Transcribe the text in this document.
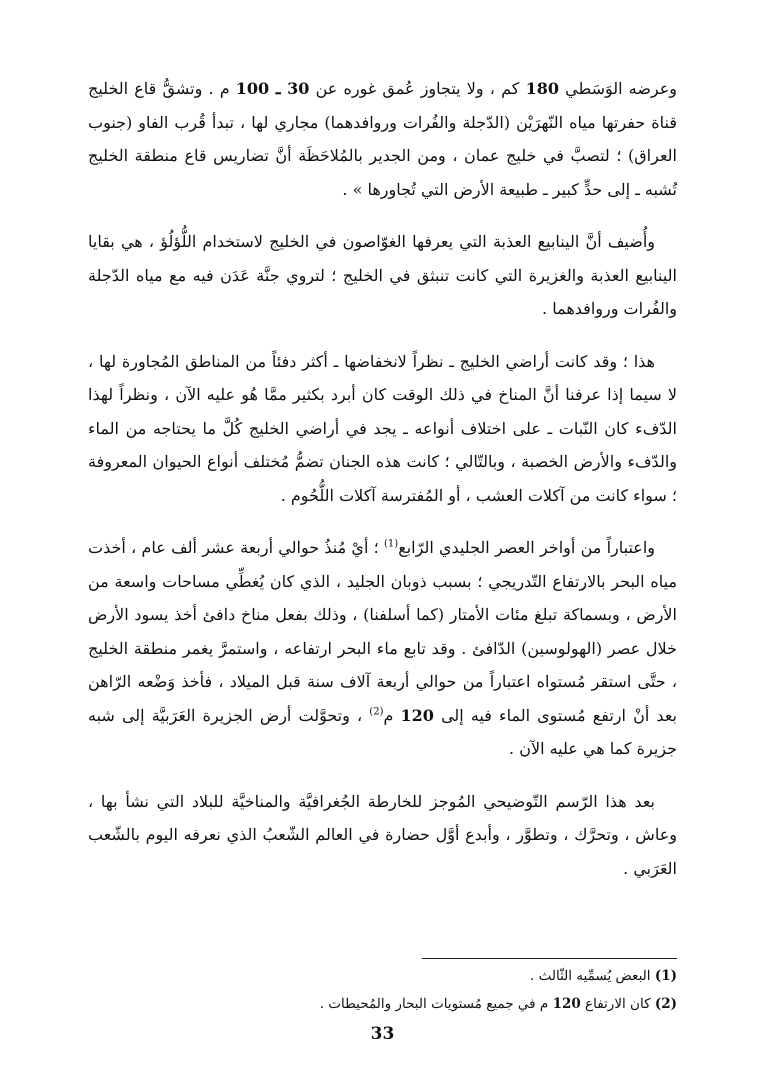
وعرضه الوَسَطي 180 كم ، ولا يتجاوز عُمق غوره عن 30 ـ 100 م . وتشقُّ قاع الخليج قناة حفرتها مياه النّهرَيْن (الدّجلة والفُرات وروافدهما) مجاري لها ، تبدأ قُرب الفاو (جنوب العراق) ؛ لتصبَّ في خليج عمان ، ومن الجدير بالمُلاحَظَة أنَّ تضاريس قاع منطقة الخليج تُشبه ـ إلى حدٍّ كبير ـ طبيعة الأرض التي تُجاورها » .

وأُضيف أنَّ الينابيع العذبة التي يعرفها الغوّاصون في الخليج لاستخدام اللُّؤلُؤ ، هي بقايا الينابيع العذبة والغزيرة التي كانت تنبثق في الخليج ؛ لتروي جنَّة عَدَن فيه مع مياه الدّجلة والفُرات وروافدهما .

هذا ؛ وقد كانت أراضي الخليج ـ نظراً لانخفاضها ـ أكثر دفئاً من المناطق المُجاورة لها ، لا سيما إذا عرفنا أنَّ المناخ في ذلك الوقت كان أبرد بكثير ممَّا هُو عليه الآن ، ونظراً لهذا الدّفء كان النّبات ـ على اختلاف أنواعه ـ يجد في أراضي الخليج كُلَّ ما يحتاجه من الماء والدّفء والأرض الخصبة ، وبالتّالي ؛ كانت هذه الجنان تضمُّ مُختلف أنواع الحيوان المعروفة ؛ سواء كانت من آكلات العشب ، أو المُفترسة آكلات اللُّحُوم .

واعتباراً من أواخر العصر الجليدي الرّابع$^{(1)}$ ؛ أيْ مُنذُ حوالي أربعة عشر ألف عام ، أخذت مياه البحر بالارتفاع التّدريجي ؛ بسبب ذوبان الجليد ، الذي كان يُغطِّي مساحات واسعة من الأرض ، وبسماكة تبلغ مئات الأمتار (كما أسلفنا) ، وذلك بفعل مناخ دافئ أخذ يسود الأرض خلال عصر (الهولوسين) الدّافئ . وقد تابع ماء البحر ارتفاعه ، واستمرَّ يغمر منطقة الخليج ، حتَّى استقر مُستواه اعتباراً من حوالي أربعة آلاف سنة قبل الميلاد ، فأخذ وَضْعه الرّاهن بعد أنْ ارتفع مُستوى الماء فيه إلى 120 م$^{(2)}$ ، وتحوَّلت أرض الجزيرة العَرَبيَّة إلى شبه جزيرة كما هي عليه الآن .

بعد هذا الرّسم التّوضيحي المُوجز للخارطة الجُغرافيَّة والمناخيَّة للبلاد التي نشأ بها ، وعاش ، وتحرَّك ، وتطوَّر ، وأبدع أوَّل حضارة في العالم الشّعبُ الذي نعرفه اليوم بالشّعب العَرَبي .

(1) البعض يُسمِّيه الثّالث .

(2) كان الارتفاع 120 م في جميع مُستويات البحار والمُحيطات .

33
